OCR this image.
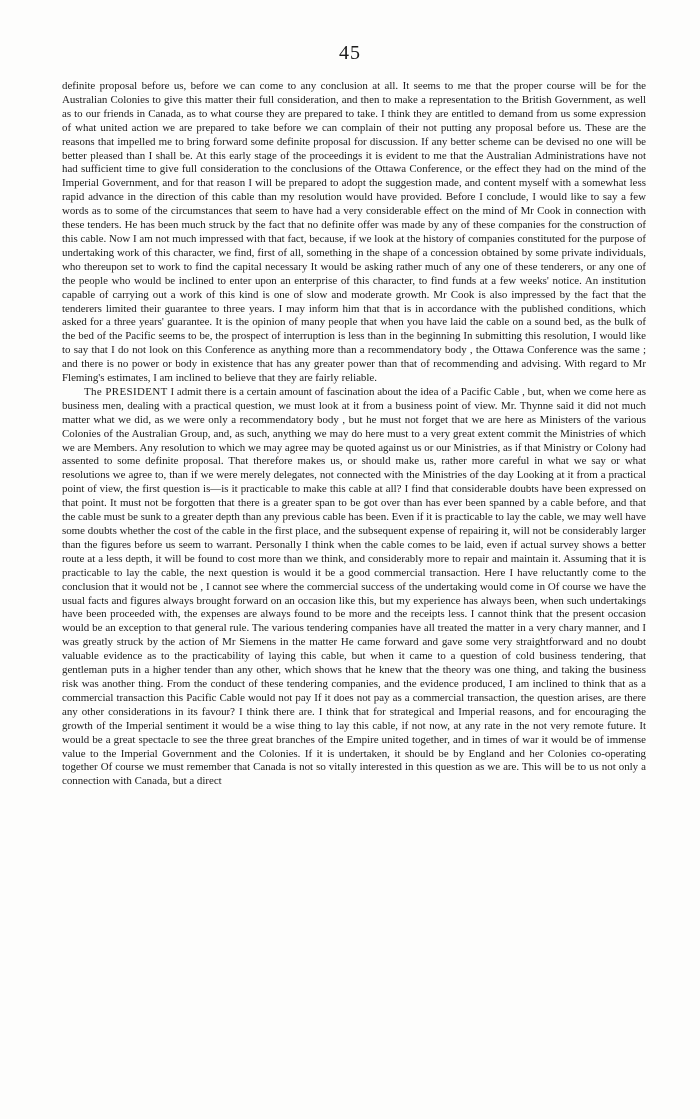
45

definite proposal before us, before we can come to any conclusion at all. It seems to me that the proper course will be for the Australian Colonies to give this matter their full consideration, and then to make a representation to the British Government, as well as to our friends in Canada, as to what course they are prepared to take. I think they are entitled to demand from us some expression of what united action we are prepared to take before we can complain of their not putting any proposal before us. These are the reasons that impelled me to bring forward some definite proposal for discussion. If any better scheme can be devised no one will be better pleased than I shall be. At this early stage of the proceedings it is evident to me that the Australian Administrations have not had sufficient time to give full consideration to the conclusions of the Ottawa Conference, or the effect they had on the mind of the Imperial Government, and for that reason I will be prepared to adopt the suggestion made, and content myself with a somewhat less rapid advance in the direction of this cable than my resolution would have provided. Before I conclude, I would like to say a few words as to some of the circumstances that seem to have had a very considerable effect on the mind of Mr Cook in connection with these tenders. He has been much struck by the fact that no definite offer was made by any of these companies for the construction of this cable. Now I am not much impressed with that fact, because, if we look at the history of companies constituted for the purpose of undertaking work of this character, we find, first of all, something in the shape of a concession obtained by some private individuals, who thereupon set to work to find the capital necessary It would be asking rather much of any one of these tenderers, or any one of the people who would be inclined to enter upon an enterprise of this character, to find funds at a few weeks' notice. An institution capable of carrying out a work of this kind is one of slow and moderate growth. Mr Cook is also impressed by the fact that the tenderers limited their guarantee to three years. I may inform him that that is in accordance with the published conditions, which asked for a three years' guarantee. It is the opinion of many people that when you have laid the cable on a sound bed, as the bulk of the bed of the Pacific seems to be, the prospect of interruption is less than in the beginning In submitting this resolution, I would like to say that I do not look on this Conference as anything more than a recommendatory body , the Ottawa Conference was the same ; and there is no power or body in existence that has any greater power than that of recommending and advising. With regard to Mr Fleming's estimates, I am inclined to believe that they are fairly reliable.

The PRESIDENT I admit there is a certain amount of fascination about the idea of a Pacific Cable , but, when we come here as business men, dealing with a practical question, we must look at it from a business point of view. Mr. Thynne said it did not much matter what we did, as we were only a recommendatory body , but he must not forget that we are here as Ministers of the various Colonies of the Australian Group, and, as such, anything we may do here must to a very great extent commit the Ministries of which we are Members. Any resolution to which we may agree may be quoted against us or our Ministries, as if that Ministry or Colony had assented to some definite proposal. That therefore makes us, or should make us, rather more careful in what we say or what resolutions we agree to, than if we were merely delegates, not connected with the Ministries of the day Looking at it from a practical point of view, the first question is—is it practicable to make this cable at all? I find that considerable doubts have been expressed on that point. It must not be forgotten that there is a greater span to be got over than has ever been spanned by a cable before, and that the cable must be sunk to a greater depth than any previous cable has been. Even if it is practicable to lay the cable, we may well have some doubts whether the cost of the cable in the first place, and the subsequent expense of repairing it, will not be considerably larger than the figures before us seem to warrant. Personally I think when the cable comes to be laid, even if actual survey shows a better route at a less depth, it will be found to cost more than we think, and considerably more to repair and maintain it. Assuming that it is practicable to lay the cable, the next question is would it be a good commercial transaction. Here I have reluctantly come to the conclusion that it would not be , I cannot see where the commercial success of the undertaking would come in Of course we have the usual facts and figures always brought forward on an occasion like this, but my experience has always been, when such undertakings have been proceeded with, the expenses are always found to be more and the receipts less. I cannot think that the present occasion would be an exception to that general rule. The various tendering companies have all treated the matter in a very chary manner, and I was greatly struck by the action of Mr Siemens in the matter He came forward and gave some very straightforward and no doubt valuable evidence as to the practicability of laying this cable, but when it came to a question of cold business tendering, that gentleman puts in a higher tender than any other, which shows that he knew that the theory was one thing, and taking the business risk was another thing. From the conduct of these tendering companies, and the evidence produced, I am inclined to think that as a commercial transaction this Pacific Cable would not pay If it does not pay as a commercial transaction, the question arises, are there any other considerations in its favour? I think there are. I think that for strategical and Imperial reasons, and for encouraging the growth of the Imperial sentiment it would be a wise thing to lay this cable, if not now, at any rate in the not very remote future. It would be a great spectacle to see the three great branches of the Empire united together, and in times of war it would be of immense value to the Imperial Government and the Colonies. If it is undertaken, it should be by England and her Colonies co-operating together Of course we must remember that Canada is not so vitally interested in this question as we are. This will be to us not only a connection with Canada, but a direct
